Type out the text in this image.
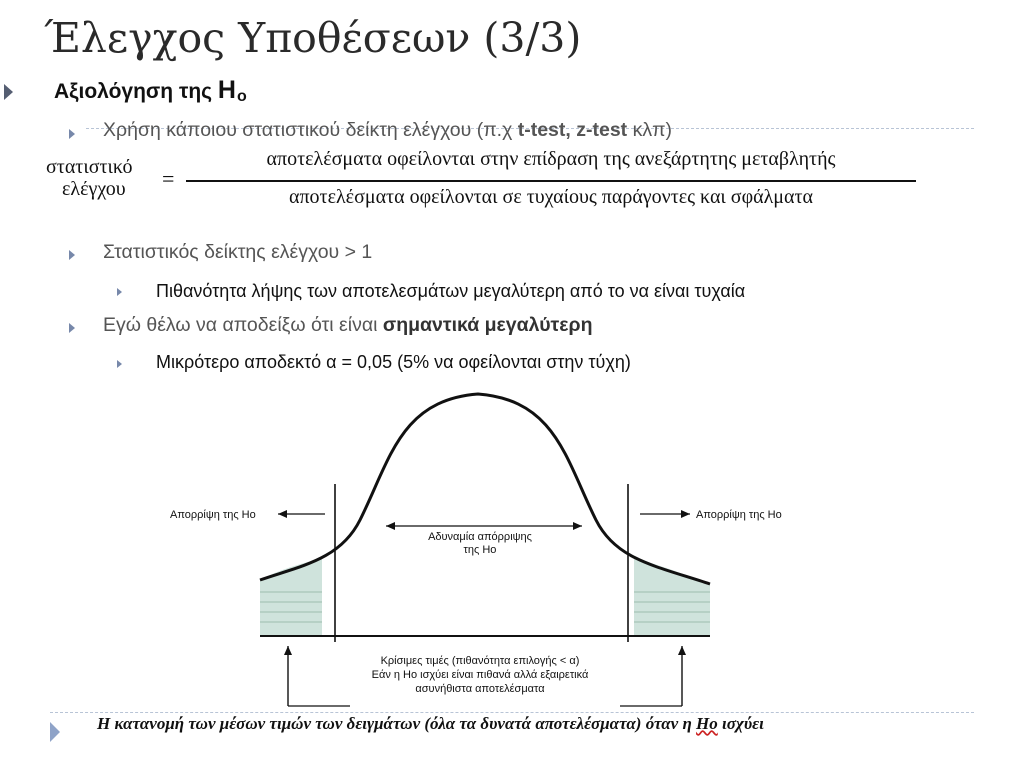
Έλεγχος Υποθέσεων (3/3)
Αξιολόγηση της Ho
Χρήση κάποιου στατιστικού δείκτη ελέγχου (π.χ t-test, z-test κλπ)
στατιστικό
ελέγχου =
αποτελέσματα οφείλονται στην επίδραση της ανεξάρτητης μεταβλητής
αποτελέσματα οφείλονται σε τυχαίους παράγοντες και σφάλματα
Στατιστικός δείκτης ελέγχου > 1
Πιθανότητα λήψης των αποτελεσμάτων μεγαλύτερη από το να είναι τυχαία
Εγώ θέλω να αποδείξω ότι είναι σημαντικά μεγαλύτερη
Μικρότερο αποδεκτό α = 0,05 (5% να οφείλονται στην τύχη)
Απορρίψη της Ho	Απορρίψη της Ho
Αδυναμία απόρριψης
της Ho
Κρίσιμες τιμές (πιθανότητα επιλογής < α)
Εάν η Ho ισχύει είναι πιθανά αλλά εξαιρετικά
ασυνήθιστα αποτελέσματα
Η κατανομή των μέσων τιμών των δειγμάτων (όλα τα δυνατά αποτελέσματα) όταν η Ho ισχύει
